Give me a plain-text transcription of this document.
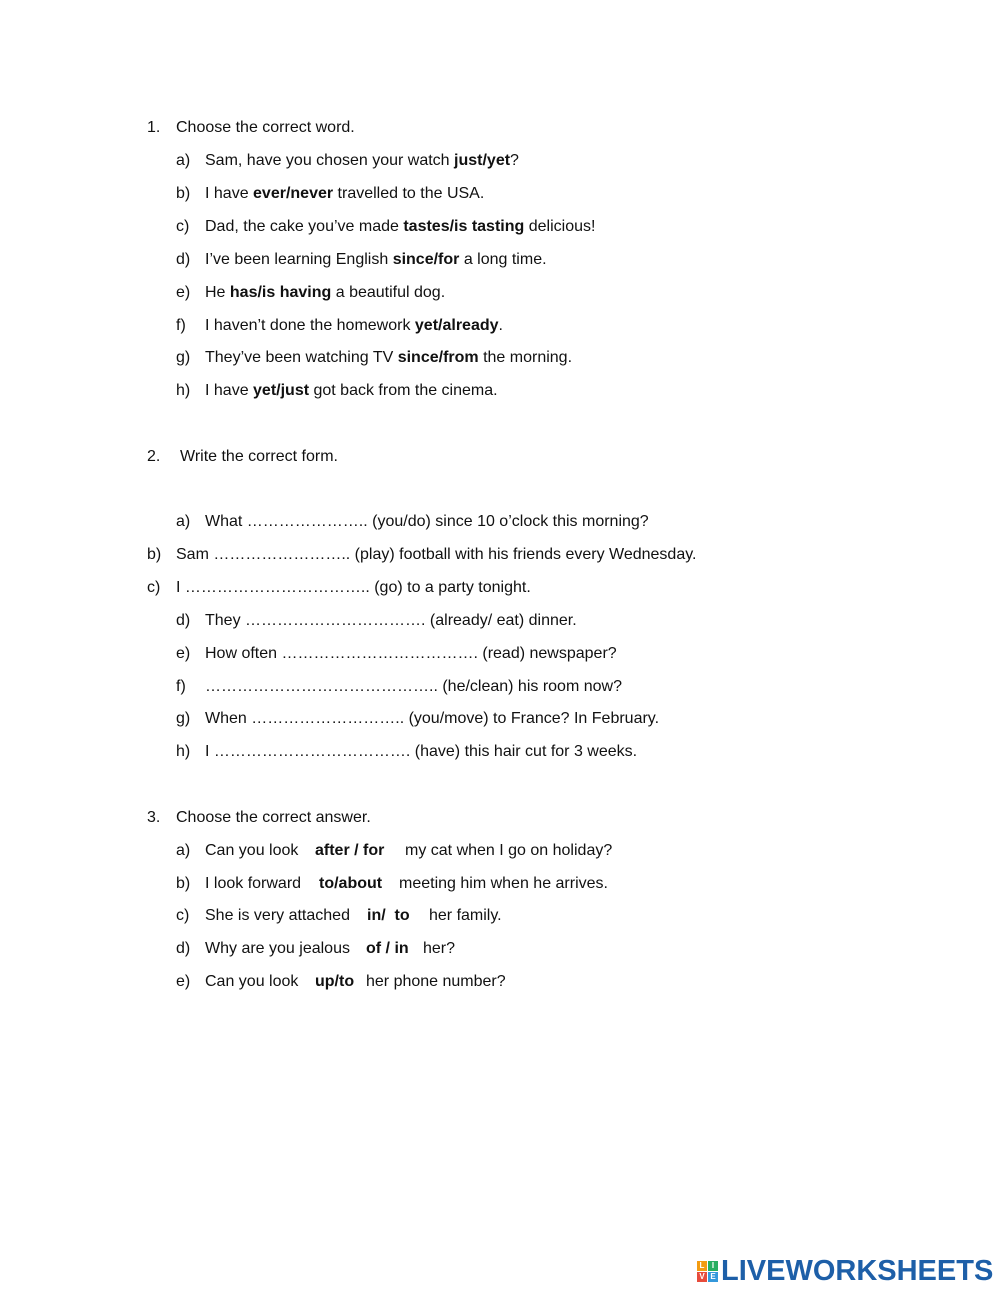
1. Choose the correct word.
a) Sam, have you chosen your watch just/yet?
b) I have ever/never travelled to the USA.
c) Dad, the cake you’ve made tastes/is tasting delicious!
d) I’ve been learning English since/for a long time.
e) He has/is having a beautiful dog.
f) I haven’t done the homework yet/already.
g) They’ve been watching TV since/from the morning.
h) I have yet/just got back from the cinema.
2. Write the correct form.
a) What ………………….. (you/do) since 10 o’clock this morning?
b) Sam …………………….. (play) football with his friends every Wednesday.
c) I …………………………….. (go) to a party tonight.
d) They ……………………………. (already/ eat) dinner.
e) How often ………………………………. (read) newspaper?
f) …………………………………….. (he/clean) his room now?
g) When ……………………….. (you/move) to France? In February.
h) I ………………………………. (have) this hair cut for 3 weeks.
3. Choose the correct answer.
a) Can you look after / for my cat when I go on holiday?
b) I look forward to/about meeting him when he arrives.
c) She is very attached in/  to her family.
d) Why are you jealous of / in her?
e) Can you look up/to her phone number?
L I
V E LIVEWORKSHEETS
